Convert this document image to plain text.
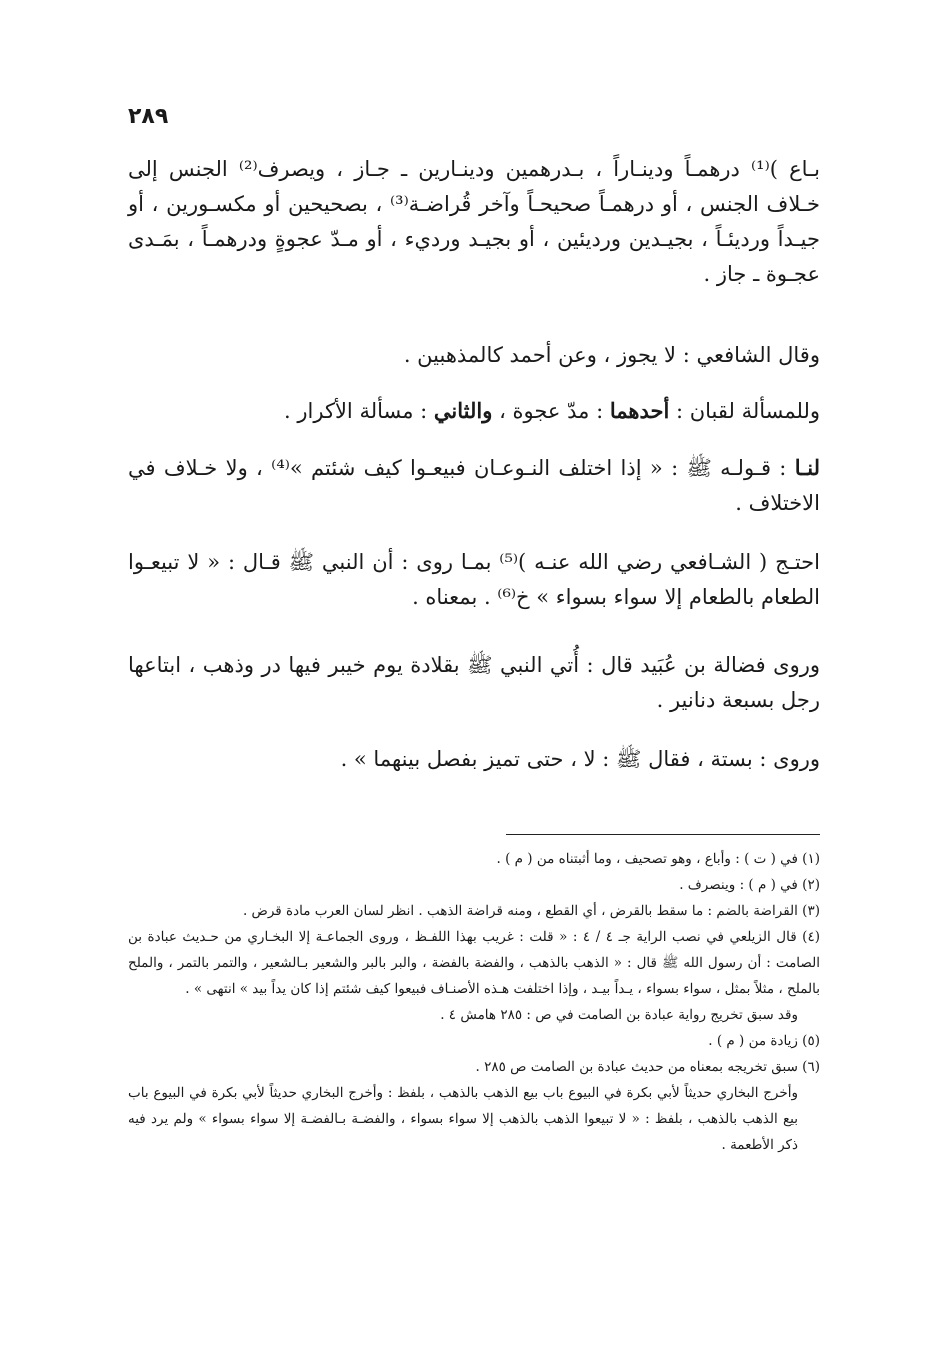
٢٨٩

بـاع )⁽¹⁾ درهمـاً ودينـاراً ، بـدرهمين ودينـارين ـ جـاز ، ويصرف⁽²⁾ الجنس إلى خـلاف الجنس ، أو درهمـاً صحيحـاً وآخر قُراضـة⁽³⁾ ، بصحيحين أو مكسـورين ، أو جيـداً ورديئـاً ، بجيـدين ورديئين ، أو بجيـد ورديء ، أو مـدّ عجوةٍ ودرهمـاً ، بمَـدى عجـوة ـ جاز .

وقال الشافعي : لا يجوز ، وعن أحمد كالمذهبين .

وللمسألة لقبان : أحدهما : مدّ عجوة ، والثاني : مسألة الأكرار .

لنـا : قـولـه ﷺ : « إذا اختلف النـوعـان فبيعـوا كيف شئتم »⁽⁴⁾ ، ولا خـلاف في الاختلاف .

احتـج ( الشـافعي رضي الله عنـه )⁽⁵⁾ بمـا روى : أن النبي ﷺ قـال : « لا تبيعـوا الطعام بالطعام إلا سواء بسواء » خ⁽⁶⁾ . بمعناه .

وروى فضالة بن عُبَيد قال : أُتي النبي ﷺ بقلادة يوم خيبر فيها در وذهب ، ابتاعها رجل بسبعة دنانير .

وروى : بستة ، فقال ﷺ : لا ، حتى تميز بفصل بينهما » .

(١) في ( ت ) : وأباع ، وهو تصحيف ، وما أثبتناه من ( م ) .

(٢) في ( م ) : وينصرف .

(٣) القراضة بالضم : ما سقط بالقرض ، أي القطع ، ومنه قراضة الذهب . انظر لسان العرب مادة قرض .

(٤) قال الزيلعي في نصب الراية جـ ٤ / ٤ : « قلت : غريب بهذا اللفـظ ، وروى الجماعـة إلا البخـاري من حـديث عبادة بن الصامت : أن رسول الله ﷺ قال : « الذهب بالذهب ، والفضة بالفضة ، والبر بالبر والشعير بـالشعير ، والتمر بالتمر ، والملح بالملح ، مثلاً بمثل ، سواء بسواء ، يـداً بيـد ، وإذا اختلفت هـذه الأصنـاف فبيعوا كيف شئتم إذا كان يداً بيد » انتهى » .

وقد سبق تخريج رواية عبادة بن الصامت في ص : ٢٨٥ هامش ٤ .

(٥) زيادة من ( م ) .

(٦) سبق تخريجه بمعناه من حديث عبادة بن الصامت ص ٢٨٥ .

وأخرج البخاري حديثاً لأبي بكرة في البيوع باب بيع الذهب بالذهب ، بلفظ : وأخرج البخاري حديثاً لأبي بكرة في البيوع باب بيع الذهب بالذهب ، بلفظ : « لا تبيعوا الذهب بالذهب إلا سواء بسواء ، والفضـة بـالفضـة إلا سواء بسواء » ولم يرد فيه ذكر الأطعمة .
